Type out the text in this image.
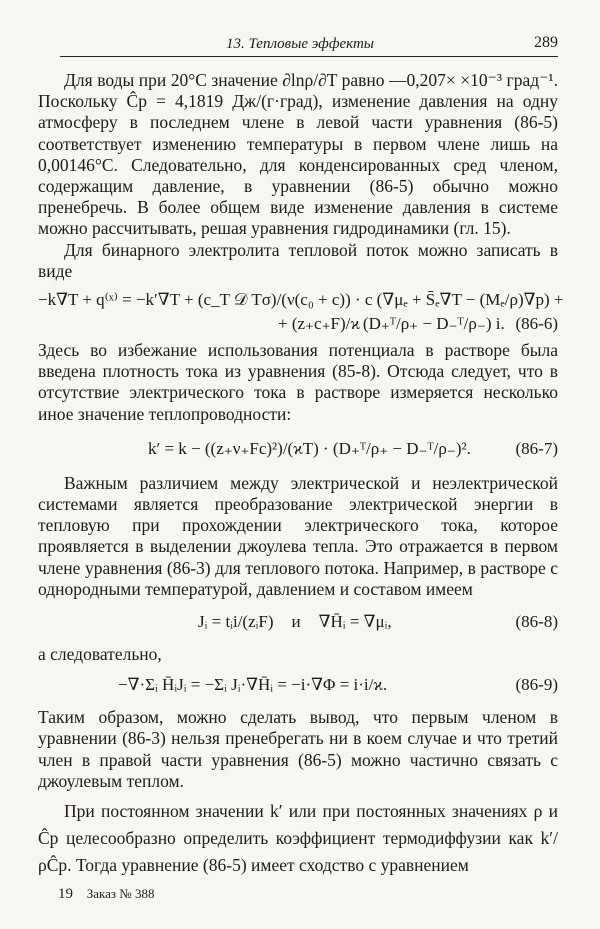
13. Тепловые эффекты	289

Для воды при 20°С значение ∂lnρ/∂T равно —0,207× ×10⁻³ град⁻¹. Поскольку Ĉp = 4,1819 Дж/(г·град), изменение давления на одну атмосферу в последнем члене в левой части уравнения (86-5) соответствует изменению температуры в первом члене лишь на 0,00146°С. Следовательно, для конденсированных сред членом, содержащим давление, в уравнении (86-5) обычно можно пренебречь. В более общем виде изменение давления в системе можно рассчитывать, решая уравнения гидродинамики (гл. 15).

Для бинарного электролита тепловой поток можно записать в виде

−k∇T + q⁽ˣ⁾ = −k′∇T + (c_T 𝒟 Tσ)/(ν(c₀ + c)) · c (∇μₑ + S̄ₑ∇T − (Mₑ/ρ)∇p) +
+ (z₊c₊F)/ϰ (D₊ᵀ/ρ₊ − D₋ᵀ/ρ₋) i. (86-6)

Здесь во избежание использования потенциала в растворе была введена плотность тока из уравнения (85-8). Отсюда следует, что в отсутствие электрического тока в растворе измеряется несколько иное значение теплопроводности:

k′ = k − ((z₊ν₊Fc)²)/(ϰT) · (D₊ᵀ/ρ₊ − D₋ᵀ/ρ₋)².	(86-7)

Важным различием между электрической и неэлектрической системами является преобразование электрической энергии в тепловую при прохождении электрического тока, которое проявляется в выделении джоулева тепла. Это отражается в первом члене уравнения (86-3) для теплового потока. Например, в растворе с однородными температурой, давлением и составом имеем

Jᵢ = tᵢi/(zᵢF)	и	∇H̄ᵢ = ∇μᵢ,	(86-8)

а следовательно,

−∇·Σᵢ H̄ᵢJᵢ = −Σᵢ Jᵢ·∇H̄ᵢ = −i·∇Φ = i·i/ϰ.	(86-9)

Таким образом, можно сделать вывод, что первым членом в уравнении (86-3) нельзя пренебрегать ни в коем случае и что третий член в правой части уравнения (86-5) можно частично связать с джоулевым теплом.

При постоянном значении k′ или при постоянных значениях ρ и Ĉp целесообразно определить коэффициент термодиффузии как k′/ρĈp. Тогда уравнение (86-5) имеет сходство с уравнением

19 Заказ № 388
